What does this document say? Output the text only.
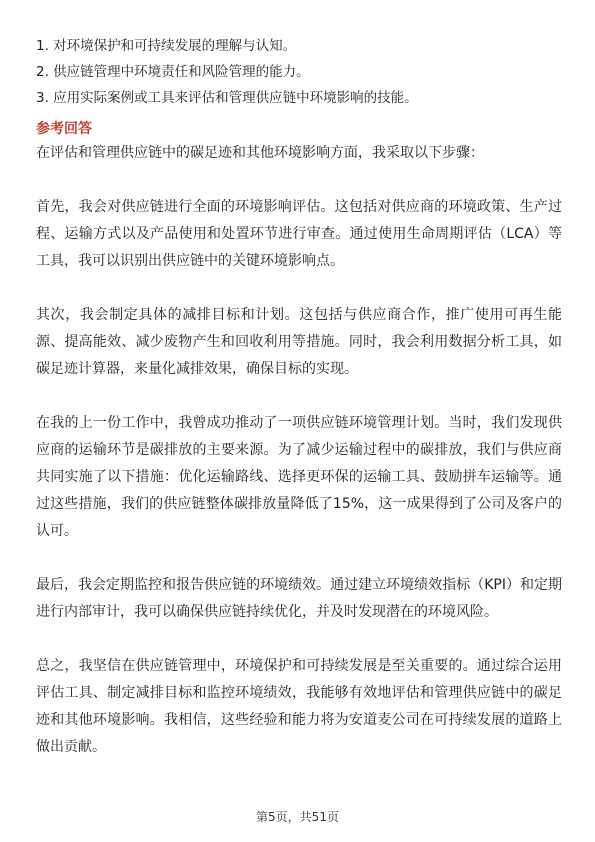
1. 对环境保护和可持续发展的理解与认知。
2. 供应链管理中环境责任和风险管理的能力。
3. 应用实际案例或工具来评估和管理供应链中环境影响的技能。
参考回答

在评估和管理供应链中的碳足迹和其他环境影响方面，我采取以下步骤：

首先，我会对供应链进行全面的环境影响评估。这包括对供应商的环境政策、生产过程、运输方式以及产品使用和处置环节进行审查。通过使用生命周期评估（LCA）等工具，我可以识别出供应链中的关键环境影响点。

其次，我会制定具体的减排目标和计划。这包括与供应商合作，推广使用可再生能源、提高能效、减少废物产生和回收利用等措施。同时，我会利用数据分析工具，如碳足迹计算器，来量化减排效果，确保目标的实现。

在我的上一份工作中，我曾成功推动了一项供应链环境管理计划。当时，我们发现供应商的运输环节是碳排放的主要来源。为了减少运输过程中的碳排放，我们与供应商共同实施了以下措施：优化运输路线、选择更环保的运输工具、鼓励拼车运输等。通过这些措施，我们的供应链整体碳排放量降低了15%，这一成果得到了公司及客户的认可。

最后，我会定期监控和报告供应链的环境绩效。通过建立环境绩效指标（KPI）和定期进行内部审计，我可以确保供应链持续优化，并及时发现潜在的环境风险。

总之，我坚信在供应链管理中，环境保护和可持续发展是至关重要的。通过综合运用评估工具、制定减排目标和监控环境绩效，我能够有效地评估和管理供应链中的碳足迹和其他环境影响。我相信，这些经验和能力将为安道麦公司在可持续发展的道路上做出贡献。

第5页，共51页
